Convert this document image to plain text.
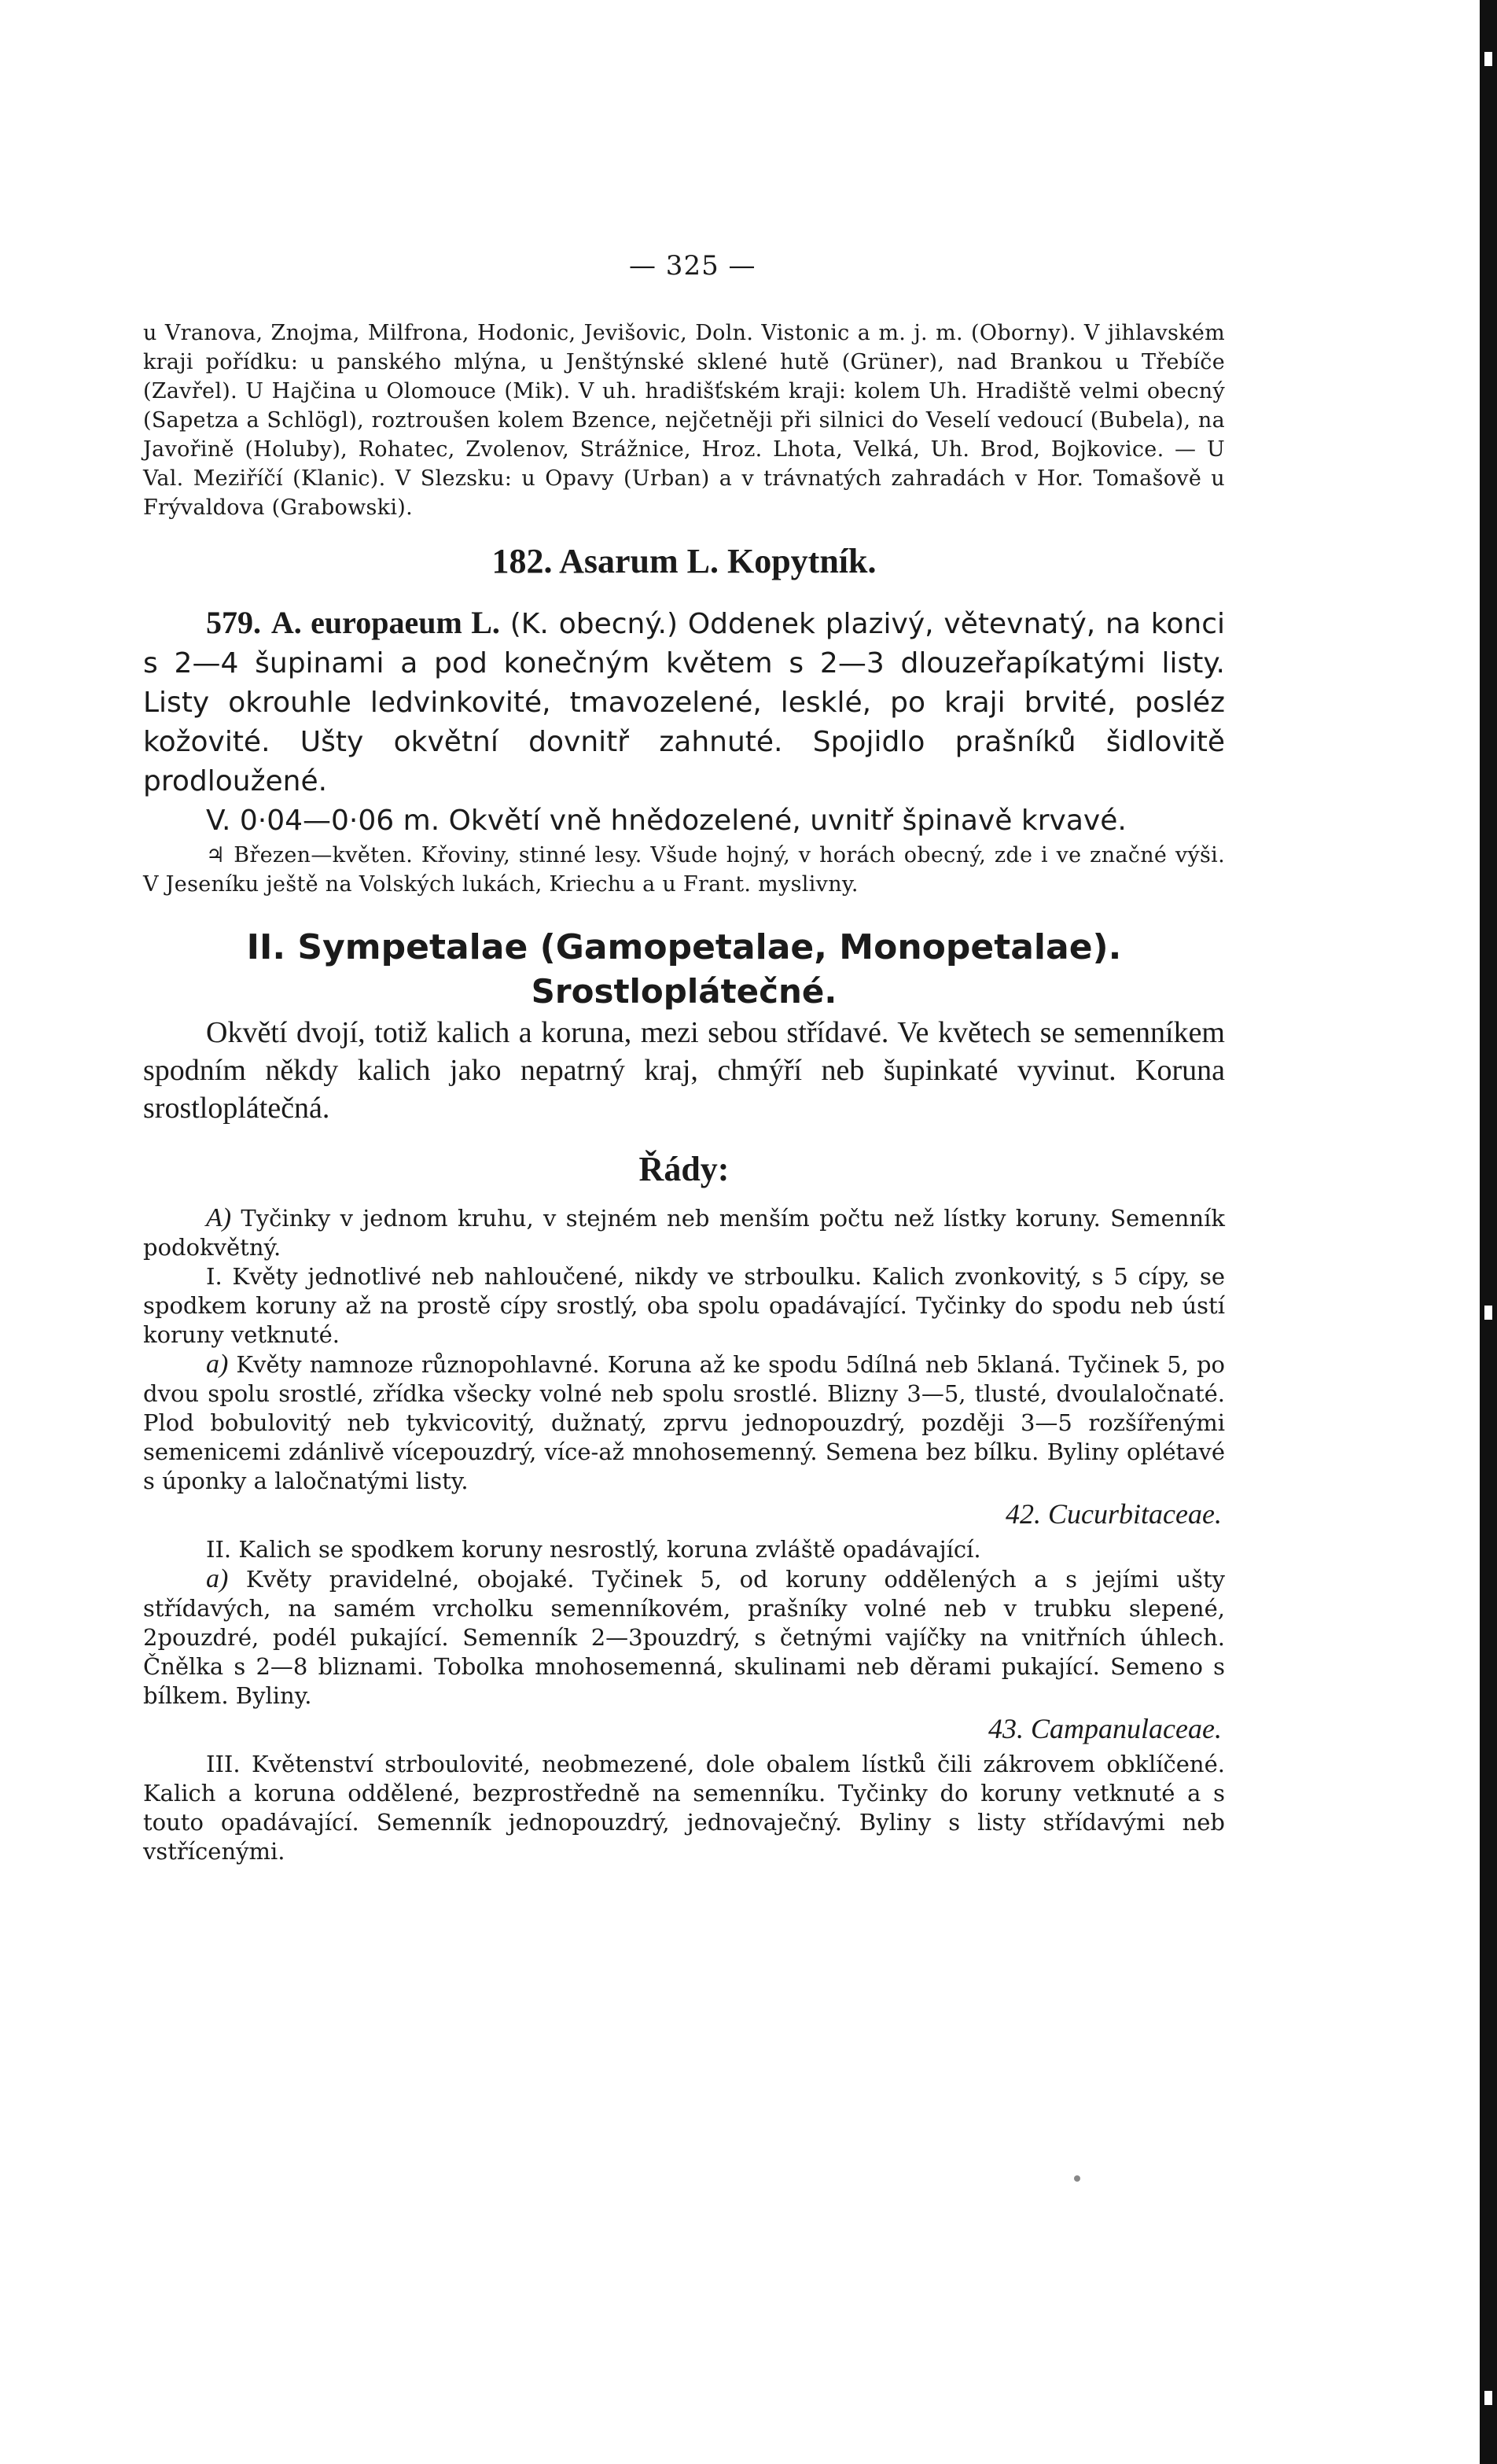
— 325 —

u Vranova, Znojma, Milfrona, Hodonic, Jevišovic, Doln. Vistonic a m. j. m. (Oborny). V jihlavském kraji pořídku: u panského mlýna, u Jenštýnské sklené hutě (Grüner), nad Brankou u Třebíče (Zavřel). U Hajčina u Olomouce (Mik). V uh. hradišťském kraji: kolem Uh. Hradiště velmi obecný (Sapetza a Schlögl), roztroušen kolem Bzence, nejčetněji při silnici do Veselí vedoucí (Bubela), na Javořině (Holuby), Rohatec, Zvolenov, Strážnice, Hroz. Lhota, Velká, Uh. Brod, Bojkovice. — U Val. Meziříčí (Klanic). V Slezsku: u Opavy (Urban) a v trávnatých zahradách v Hor. Tomašově u Frývaldova (Grabowski).

182. Asarum L. Kopytník.

579. A. europaeum L. (K. obecný.) Oddenek plazivý, větevnatý, na konci s 2—4 šupinami a pod konečným květem s 2—3 dlouzeřapíkatými listy. Listy okrouhle ledvinkovité, tmavozelené, lesklé, po kraji brvité, posléz kožovité. Ušty okvětní dovnitř zahnuté. Spojidlo prašníků šidlovitě prodloužené.

V. 0·04—0·06 m. Okvětí vně hnědozelené, uvnitř špinavě krvavé.

♃ Březen—květen. Křoviny, stinné lesy. Všude hojný, v horách obecný, zde i ve značné výši. V Jeseníku ještě na Volských lukách, Kriechu a u Frant. myslivny.

II. Sympetalae (Gamopetalae, Monopetalae).
Srostloplátečné.

Okvětí dvojí, totiž kalich a koruna, mezi sebou střídavé. Ve květech se semenníkem spodním někdy kalich jako nepatrný kraj, chmýří neb šupinkaté vyvinut. Koruna srostloplátečná.

Řády:

A) Tyčinky v jednom kruhu, v stejném neb menším počtu než lístky koruny. Semenník podokvětný.

I. Květy jednotlivé neb nahloučené, nikdy ve strboulku. Kalich zvonkovitý, s 5 cípy, se spodkem koruny až na prostě cípy srostlý, oba spolu opadávající. Tyčinky do spodu neb ústí koruny vetknuté.

a) Květy namnoze různopohlavné. Koruna až ke spodu 5dílná neb 5klaná. Tyčinek 5, po dvou spolu srostlé, zřídka všecky volné neb spolu srostlé. Blizny 3—5, tlusté, dvoulaločnaté. Plod bobulovitý neb tykvicovitý, dužnatý, zprvu jednopouzdrý, později 3—5 rozšířenými semenicemi zdánlivě vícepouzdrý, více-až mnohosemenný. Semena bez bílku. Byliny oplétavé s úponky a laločnatými listy.

42. Cucurbitaceae.

II. Kalich se spodkem koruny nesrostlý, koruna zvláště opadávající.

a) Květy pravidelné, obojaké. Tyčinek 5, od koruny oddělených a s jejími ušty střídavých, na samém vrcholku semenníkovém, prašníky volné neb v trubku slepené, 2pouzdré, podél pukající. Semenník 2—3pouzdrý, s četnými vajíčky na vnitřních úhlech. Čnělka s 2—8 bliznami. Tobolka mnohosemenná, skulinami neb děrami pukající. Semeno s bílkem. Byliny.

43. Campanulaceae.

III. Květenství strboulovité, neobmezené, dole obalem lístků čili zákrovem obklíčené. Kalich a koruna oddělené, bezprostředně na semenníku. Tyčinky do koruny vetknuté a s touto opadávající. Semenník jednopouzdrý, jednovaječný. Byliny s listy střídavými neb vstřícenými.
